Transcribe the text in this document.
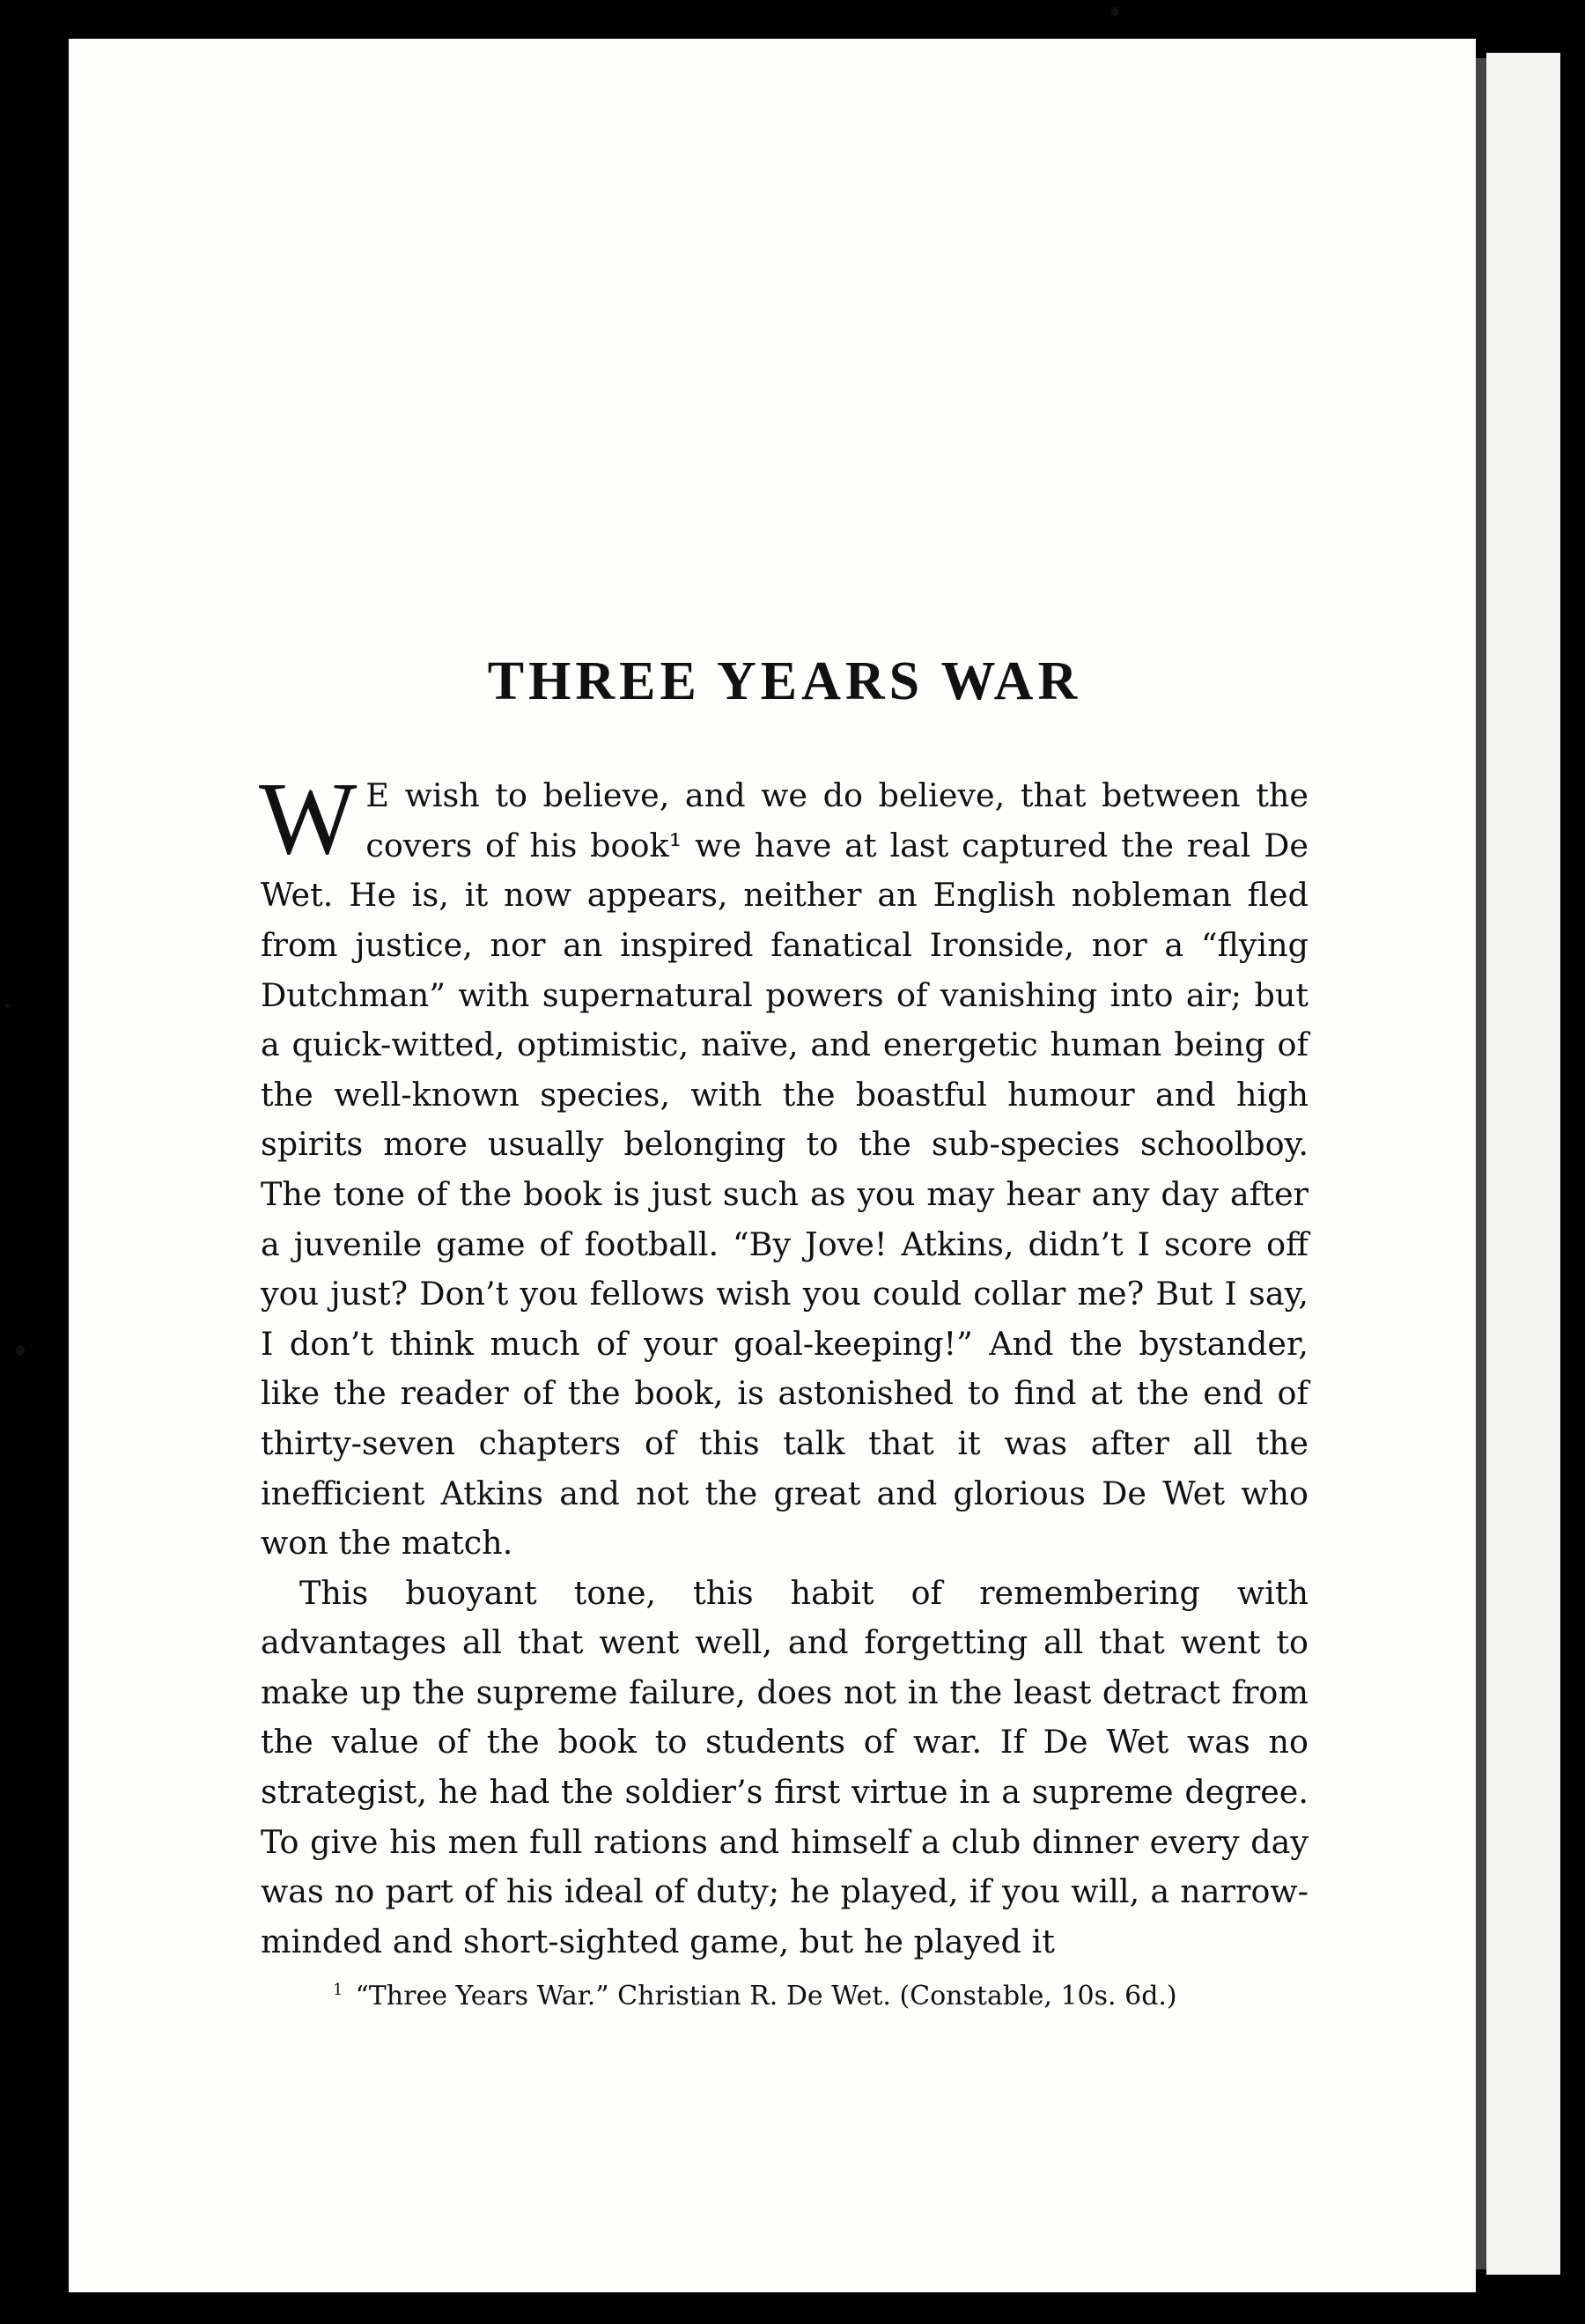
THREE YEARS WAR

W E wish to believe, and we do believe, that between the covers of his book¹ we have at last captured the real De Wet. He is, it now appears, neither an English nobleman fled from justice, nor an inspired fanatical Ironside, nor a “flying Dutchman” with supernatural powers of vanishing into air; but a quick-witted, optimistic, naïve, and energetic human being of the well-known species, with the boastful humour and high spirits more usually belonging to the sub-species schoolboy. The tone of the book is just such as you may hear any day after a juvenile game of football. “By Jove! Atkins, didn’t I score off you just? Don’t you fellows wish you could collar me? But I say, I don’t think much of your goal-keeping!” And the bystander, like the reader of the book, is astonished to find at the end of thirty-seven chapters of this talk that it was after all the inefficient Atkins and not the great and glorious De Wet who won the match.

This buoyant tone, this habit of remembering with advantages all that went well, and forgetting all that went to make up the supreme failure, does not in the least detract from the value of the book to students of war. If De Wet was no strategist, he had the soldier’s first virtue in a supreme degree. To give his men full rations and himself a club dinner every day was no part of his ideal of duty; he played, if you will, a narrow-minded and short-sighted game, but he played it

$^1$ “Three Years War.” Christian R. De Wet. (Constable, 10s. 6d.)
